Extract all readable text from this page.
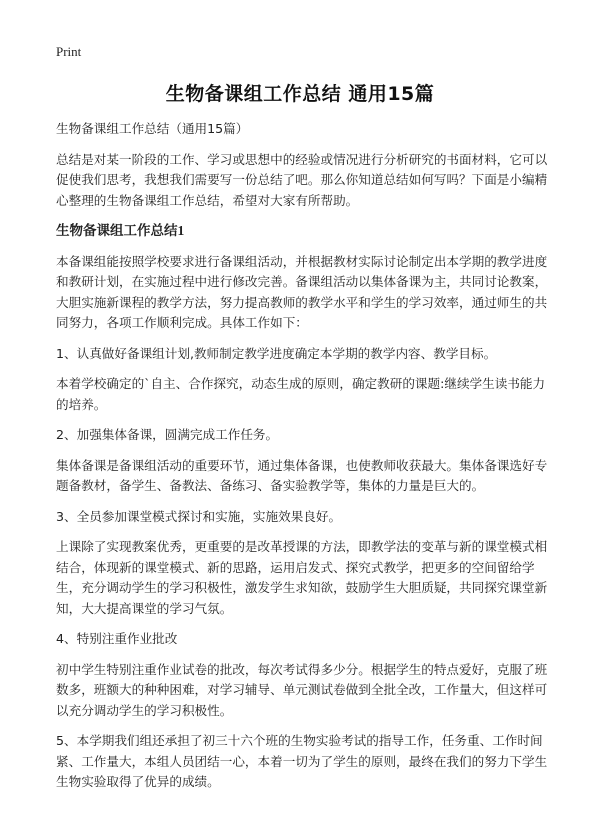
Print
生物备课组工作总结 通用15篇

生物备课组工作总结（通用15篇）

总结是对某一阶段的工作、学习或思想中的经验或情况进行分析研究的书面材料，它可以促使我们思考，我想我们需要写一份总结了吧。那么你知道总结如何写吗？下面是小编精心整理的生物备课组工作总结，希望对大家有所帮助。

生物备课组工作总结1

本备课组能按照学校要求进行备课组活动，并根据教材实际讨论制定出本学期的教学进度和教研计划，在实施过程中进行修改完善。备课组活动以集体备课为主，共同讨论教案，大胆实施新课程的教学方法，努力提高教师的教学水平和学生的学习效率，通过师生的共同努力，各项工作顺利完成。具体工作如下：

1、认真做好备课组计划,教师制定教学进度确定本学期的教学内容、教学目标。

本着学校确定的`自主、合作探究，动态生成的原则，确定教研的课题:继续学生读书能力的培养。

2、加强集体备课，圆满完成工作任务。

集体备课是备课组活动的重要环节，通过集体备课，也使教师收获最大。集体备课选好专题备教材，备学生、备教法、备练习、备实验教学等，集体的力量是巨大的。

3、全员参加课堂模式探讨和实施，实施效果良好。

上课除了实现教案优秀，更重要的是改革授课的方法，即教学法的变革与新的课堂模式相结合，体现新的课堂模式、新的思路，运用启发式、探究式教学，把更多的空间留给学生，充分调动学生的学习积极性，激发学生求知欲，鼓励学生大胆质疑，共同探究课堂新知，大大提高课堂的学习气氛。

4、特别注重作业批改

初中学生特别注重作业试卷的批改，每次考试得多少分。根据学生的特点爱好，克服了班数多，班额大的种种困难，对学习辅导、单元测试卷做到全批全改，工作量大，但这样可以充分调动学生的学习积极性。

5、本学期我们组还承担了初三十六个班的生物实验考试的指导工作，任务重、工作时间紧、工作量大，本组人员团结一心，本着一切为了学生的原则，最终在我们的努力下学生生物实验取得了优异的成绩。
